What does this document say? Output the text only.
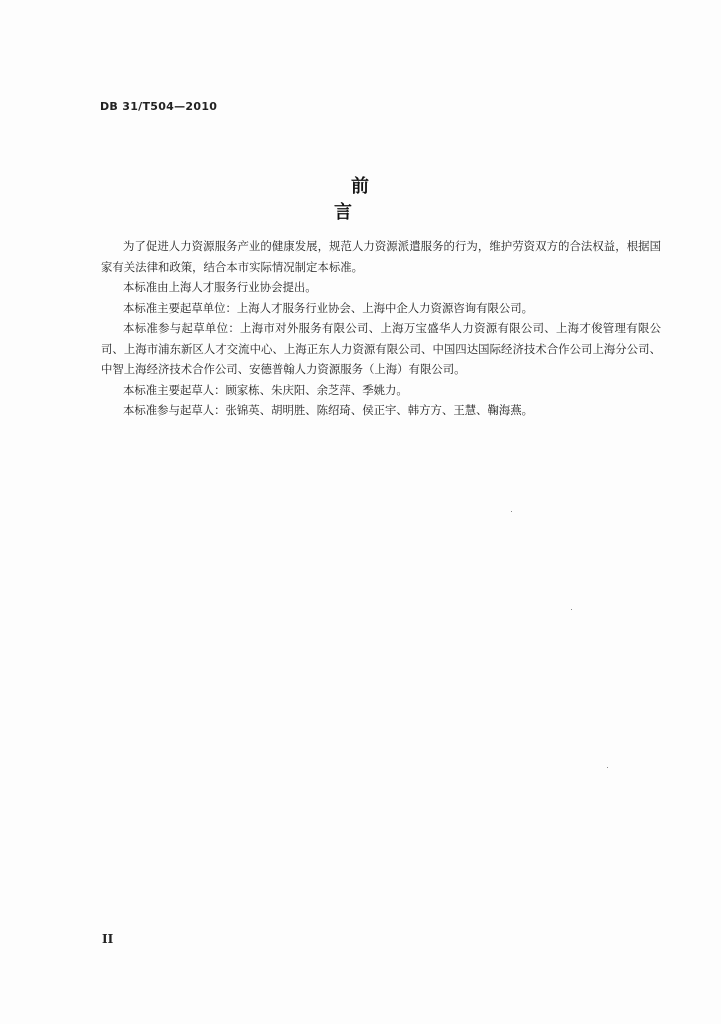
DB 31/T504—2010
前言

为了促进人力资源服务产业的健康发展，规范人力资源派遣服务的行为，维护劳资双方的合法权益，根据国家有关法律和政策，结合本市实际情况制定本标准。

本标准由上海人才服务行业协会提出。

本标准主要起草单位：上海人才服务行业协会、上海中企人力资源咨询有限公司。

本标准参与起草单位：上海市对外服务有限公司、上海万宝盛华人力资源有限公司、上海才俊管理有限公司、上海市浦东新区人才交流中心、上海正东人力资源有限公司、中国四达国际经济技术合作公司上海分公司、中智上海经济技术合作公司、安德普翰人力资源服务（上海）有限公司。

本标准主要起草人：顾家栋、朱庆阳、余芝萍、季姚力。

本标准参与起草人：张锦英、胡明胜、陈绍琦、侯正宇、韩方方、王慧、鞠海燕。

II
